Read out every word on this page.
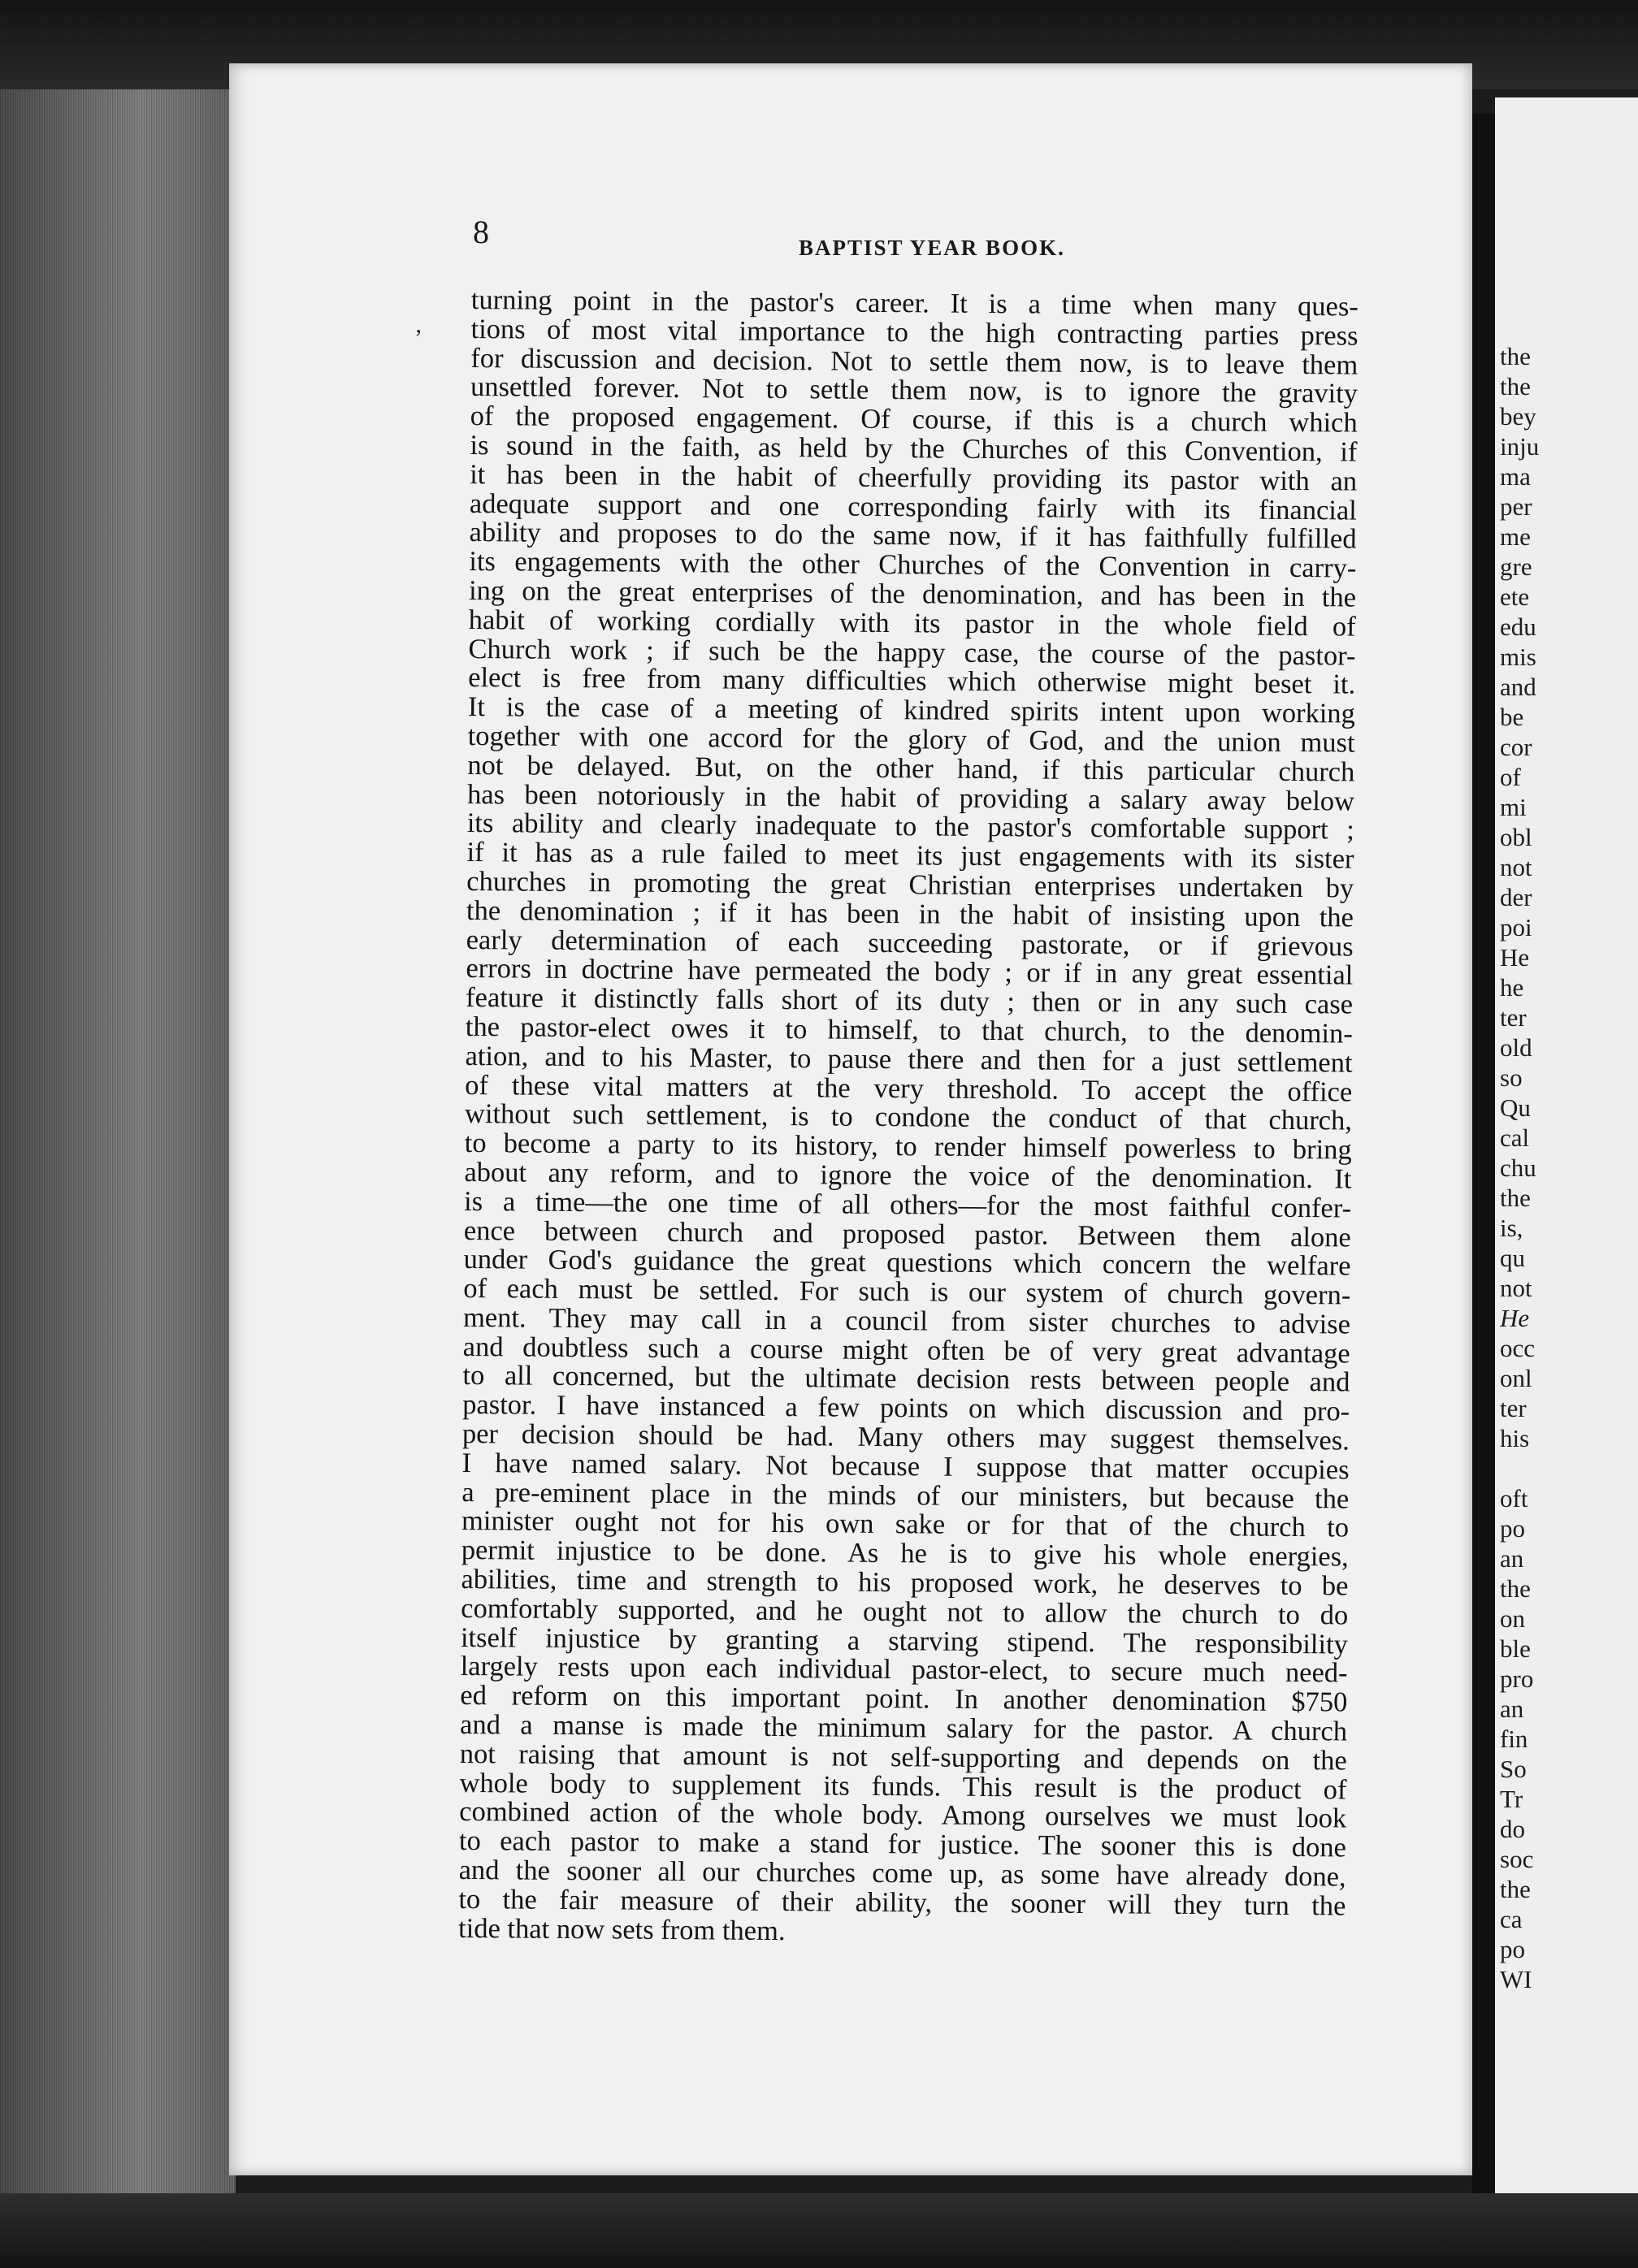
8	BAPTIST YEAR BOOK.
ʼ
turning point in the pastor's career. It is a time when many ques-
tions of most vital importance to the high contracting parties press
for discussion and decision. Not to settle them now, is to leave them
unsettled forever. Not to settle them now, is to ignore the gravity
of the proposed engagement. Of course, if this is a church which
is sound in the faith, as held by the Churches of this Convention, if
it has been in the habit of cheerfully providing its pastor with an
adequate support and one corresponding fairly with its financial
ability and proposes to do the same now, if it has faithfully fulfilled
its engagements with the other Churches of the Convention in carry-
ing on the great enterprises of the denomination, and has been in the
habit of working cordially with its pastor in the whole field of
Church work ; if such be the happy case, the course of the pastor-
elect is free from many difficulties which otherwise might beset it.
It is the case of a meeting of kindred spirits intent upon working
together with one accord for the glory of God, and the union must
not be delayed. But, on the other hand, if this particular church
has been notoriously in the habit of providing a salary away below
its ability and clearly inadequate to the pastor's comfortable support ;
if it has as a rule failed to meet its just engagements with its sister
churches in promoting the great Christian enterprises undertaken by
the denomination ; if it has been in the habit of insisting upon the
early determination of each succeeding pastorate, or if grievous
errors in doctrine have permeated the body ; or if in any great essential
feature it distinctly falls short of its duty ; then or in any such case
the pastor-elect owes it to himself, to that church, to the denomin-
ation, and to his Master, to pause there and then for a just settlement
of these vital matters at the very threshold. To accept the office
without such settlement, is to condone the conduct of that church,
to become a party to its history, to render himself powerless to bring
about any reform, and to ignore the voice of the denomination. It
is a time—the one time of all others—for the most faithful confer-
ence between church and proposed pastor. Between them alone
under God's guidance the great questions which concern the welfare
of each must be settled. For such is our system of church govern-
ment. They may call in a council from sister churches to advise
and doubtless such a course might often be of very great advantage
to all concerned, but the ultimate decision rests between people and
pastor. I have instanced a few points on which discussion and pro-
per decision should be had. Many others may suggest themselves.
I have named salary. Not because I suppose that matter occupies
a pre-eminent place in the minds of our ministers, but because the
minister ought not for his own sake or for that of the church to
permit injustice to be done. As he is to give his whole energies,
abilities, time and strength to his proposed work, he deserves to be
comfortably supported, and he ought not to allow the church to do
itself injustice by granting a starving stipend. The responsibility
largely rests upon each individual pastor-elect, to secure much need-
ed reform on this important point. In another denomination $750
and a manse is made the minimum salary for the pastor. A church
not raising that amount is not self-supporting and depends on the
whole body to supplement its funds. This result is the product of
combined action of the whole body. Among ourselves we must look
to each pastor to make a stand for justice. The sooner this is done
and the sooner all our churches come up, as some have already done,
to the fair measure of their ability, the sooner will they turn the
tide that now sets from them.
the
the
bey
inju
ma
per
me
gre
ete
edu
mis
and
be
cor
of
mi
obl
not
der
poi
He
he
ter
old
so
Qu
cal
chu
the
is,
qu
not
He
occ
onl
ter
his
oft
po
an
the
on
ble
pro
an
fin
So
Tr
do
soc
the
ca
po
WI
